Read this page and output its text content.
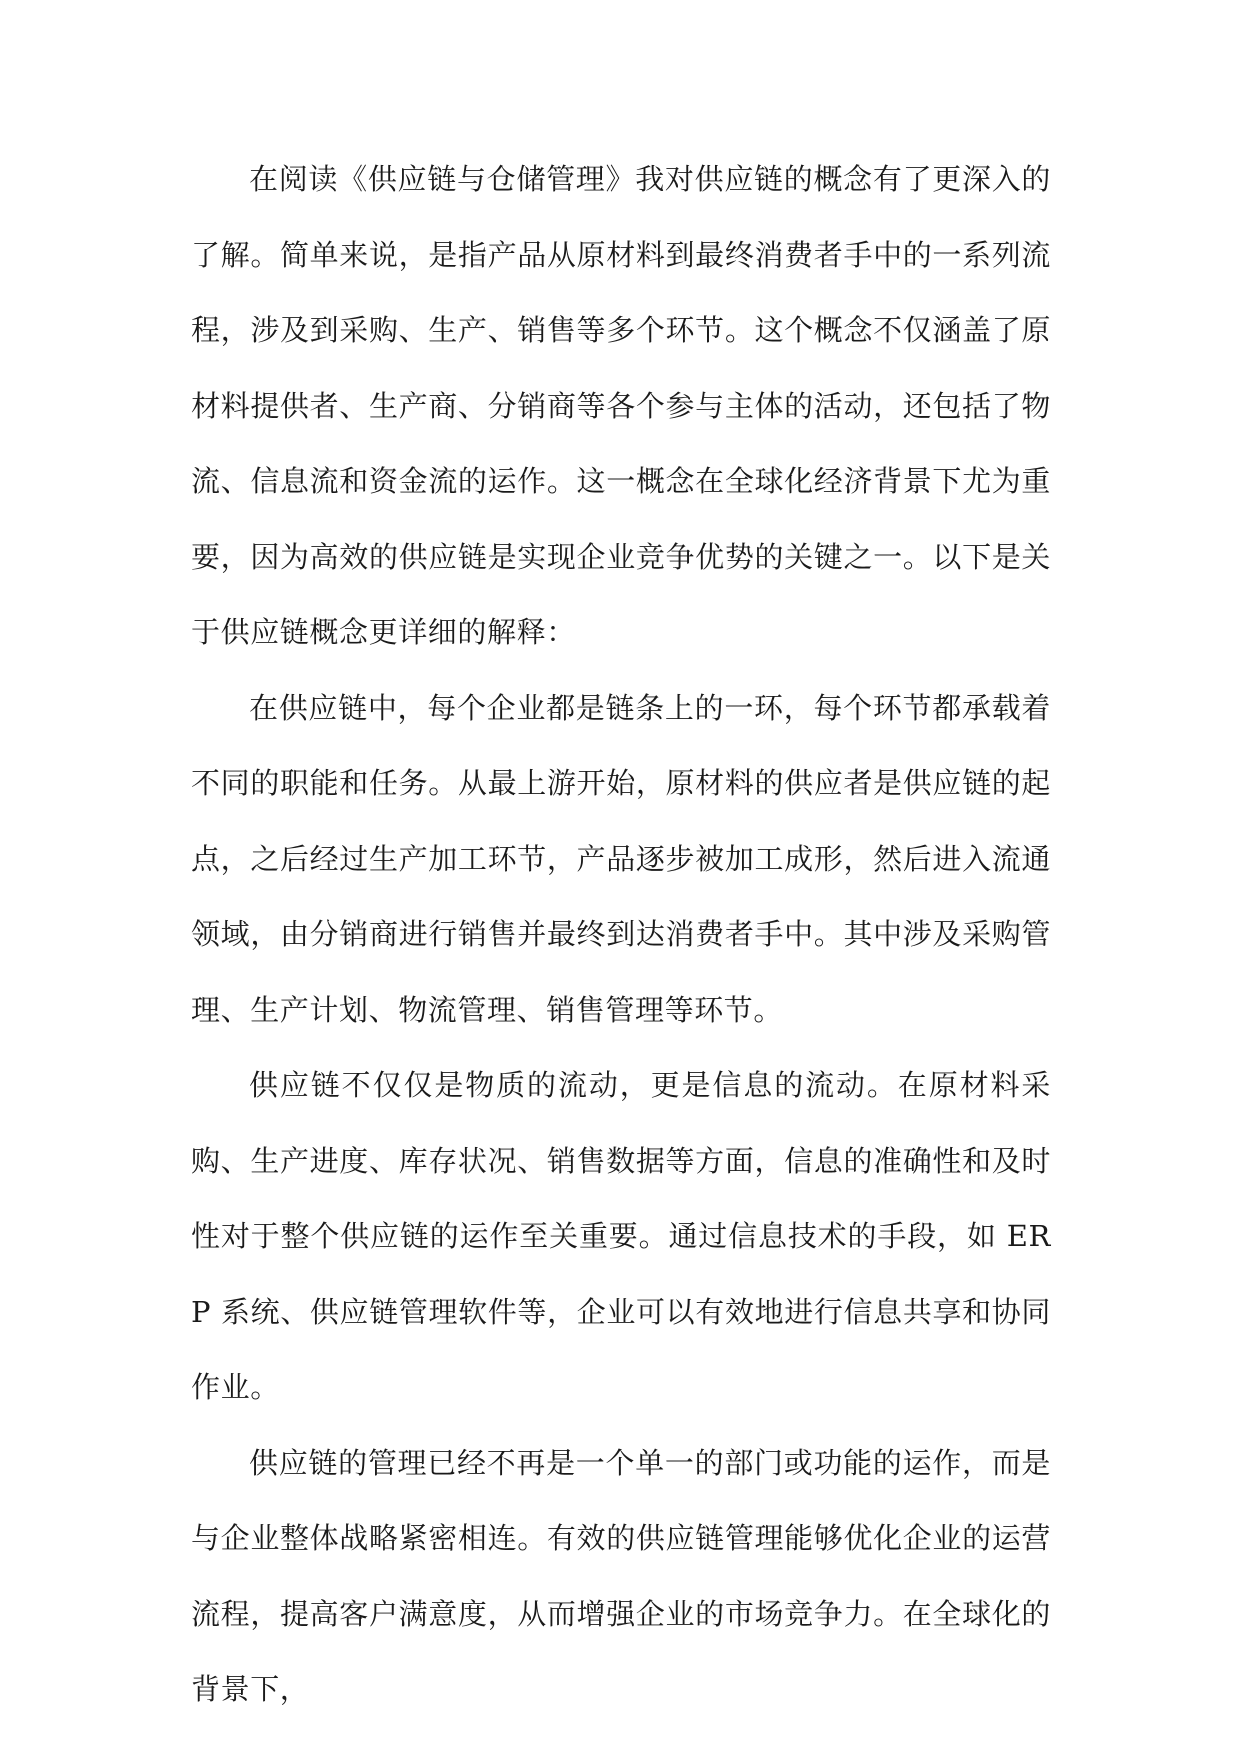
在阅读《供应链与仓储管理》我对供应链的概念有了更深入的了解。简单来说，是指产品从原材料到最终消费者手中的一系列流程，涉及到采购、生产、销售等多个环节。这个概念不仅涵盖了原材料提供者、生产商、分销商等各个参与主体的活动，还包括了物流、信息流和资金流的运作。这一概念在全球化经济背景下尤为重要，因为高效的供应链是实现企业竞争优势的关键之一。以下是关于供应链概念更详细的解释：

在供应链中，每个企业都是链条上的一环，每个环节都承载着不同的职能和任务。从最上游开始，原材料的供应者是供应链的起点，之后经过生产加工环节，产品逐步被加工成形，然后进入流通领域，由分销商进行销售并最终到达消费者手中。其中涉及采购管理、生产计划、物流管理、销售管理等环节。

供应链不仅仅是物质的流动，更是信息的流动。在原材料采购、生产进度、库存状况、销售数据等方面，信息的准确性和及时性对于整个供应链的运作至关重要。通过信息技术的手段，如 ERP 系统、供应链管理软件等，企业可以有效地进行信息共享和协同作业。

供应链的管理已经不再是一个单一的部门或功能的运作，而是与企业整体战略紧密相连。有效的供应链管理能够优化企业的运营流程，提高客户满意度，从而增强企业的市场竞争力。在全球化的背景下，
